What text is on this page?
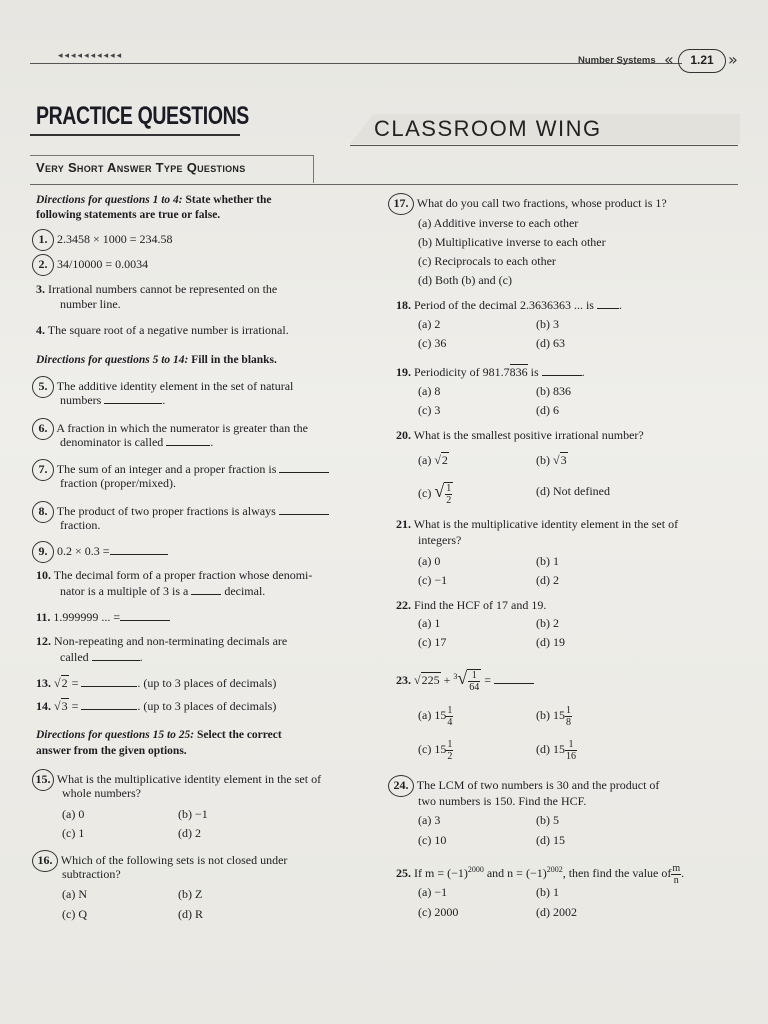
◂◂◂◂◂◂◂◂◂◂	Number Systems «	1.21 »
PRACTICE QUESTIONS	CLASSROOM WING
Very Short Answer Type Questions
Directions for questions 1 to 4: State whether the
following statements are true or false.
1. 2.3458 × 1000 = 234.58
2. 34/10000 = 0.0034
3. Irrational numbers cannot be represented on the
number line.
4. The square root of a negative number is irrational.
Directions for questions 5 to 14: Fill in the blanks.
5. The additive identity element in the set of natural
numbers	.
6. A fraction in which the numerator is greater than the
denominator is called	.
7. The sum of an integer and a proper fraction is
fraction (proper/mixed).
8. The product of two proper fractions is always
fraction.
9. 0.2 × 0.3 =
10. The decimal form of a proper fraction whose denomi-
nator is a multiple of 3 is a	decimal.
11. 1.999999 ... =
12. Non-repeating and non-terminating decimals are
called	.
13. √2 =	. (up to 3 places of decimals)
14. √3 =	. (up to 3 places of decimals)
Directions for questions 15 to 25: Select the correct
answer from the given options.
15. What is the multiplicative identity element in the set of
whole numbers?
(a) 0	(b) −1
(c) 1	(d) 2
16. Which of the following sets is not closed under
subtraction?
(a) N	(b) Z
(c) Q	(d) R
17. What do you call two fractions, whose product is 1?
(a) Additive inverse to each other
(b) Multiplicative inverse to each other
(c) Reciprocals to each other
(d) Both (b) and (c)
18. Period of the decimal 2.3636363 ... is .
(a) 2	(b) 3
(c) 36	(d) 63
19. Periodicity of 981.7836 is	.
(a) 8	(b) 836
(c) 3	(d) 6
20. What is the smallest positive irrational number?
(a) √2	(b) √3
(c) √ $\frac{1}{2}$	(d) Not defined
21. What is the multiplicative identity element in the set of
integers?
(a) 0	(b) 1
(c) −1	(d) 2
22. Find the HCF of 17 and 19.
(a) 1	(b) 2
(c) 17	(d) 19
23. $√225 + ^3√ \frac{1}{64}$ =
(a) $15 \frac{1}{4}$	(b) $15 \frac{1}{8}$
(c) $15 \frac{1}{2}$	(d) $15 \frac{1}{16}$
24. The LCM of two numbers is 30 and the product of
two numbers is 150. Find the HCF.
(a) 3	(b) 5
(c) 10	(d) 15
25. If $m = (-1)^{2000}$ and $n = (-1)^{2002}$, then find the value of $\frac{m}{n}$ .
(a) −1	(b) 1
(c) 2000	(d) 2002
